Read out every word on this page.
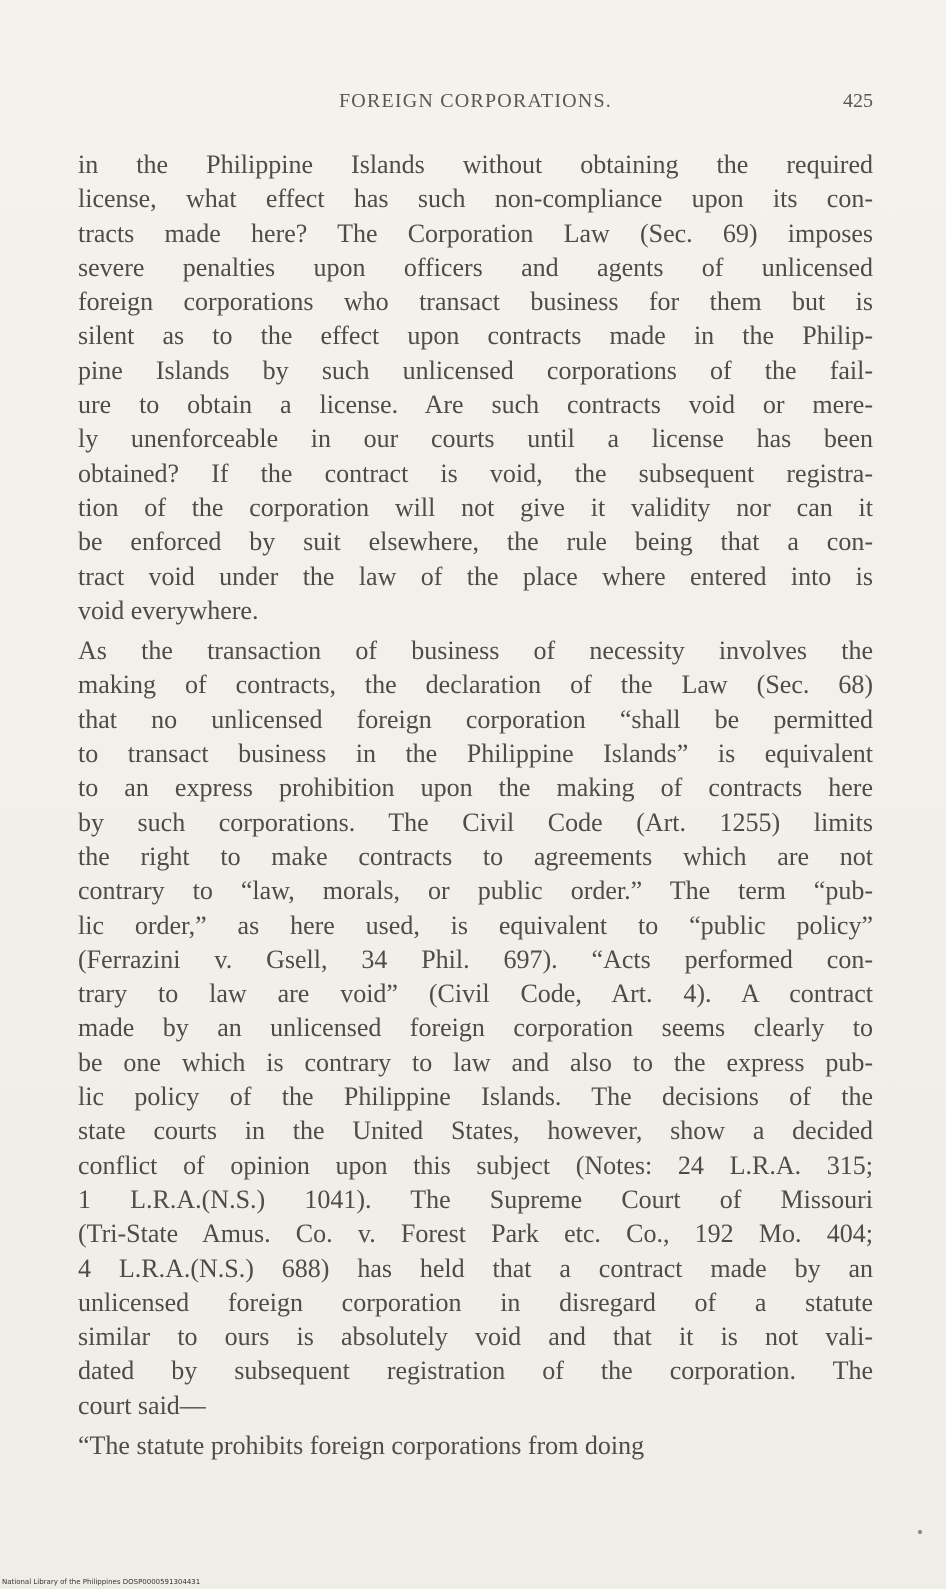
FOREIGN CORPORATIONS.	425
in the Philippine Islands without obtaining the required
license, what effect has such non-compliance upon its con-
tracts made here? The Corporation Law (Sec. 69) imposes
severe penalties upon officers and agents of unlicensed
foreign corporations who transact business for them but is
silent as to the effect upon contracts made in the Philip-
pine Islands by such unlicensed corporations of the fail-
ure to obtain a license. Are such contracts void or mere-
ly unenforceable in our courts until a license has been
obtained? If the contract is void, the subsequent registra-
tion of the corporation will not give it validity nor can it
be enforced by suit elsewhere, the rule being that a con-
tract void under the law of the place where entered into is
void everywhere.
As the transaction of business of necessity involves the
making of contracts, the declaration of the Law (Sec. 68)
that no unlicensed foreign corporation “shall be permitted
to transact business in the Philippine Islands” is equivalent
to an express prohibition upon the making of contracts here
by such corporations. The Civil Code (Art. 1255) limits
the right to make contracts to agreements which are not
contrary to “law, morals, or public order.” The term “pub-
lic order,” as here used, is equivalent to “public policy”
(Ferrazini v. Gsell, 34 Phil. 697). “Acts performed con-
trary to law are void” (Civil Code, Art. 4). A contract
made by an unlicensed foreign corporation seems clearly to
be one which is contrary to law and also to the express pub-
lic policy of the Philippine Islands. The decisions of the
state courts in the United States, however, show a decided
conflict of opinion upon this subject (Notes: 24 L.R.A. 315;
1 L.R.A.(N.S.) 1041). The Supreme Court of Missouri
(Tri-State Amus. Co. v. Forest Park etc. Co., 192 Mo. 404;
4 L.R.A.(N.S.) 688) has held that a contract made by an
unlicensed foreign corporation in disregard of a statute
similar to ours is absolutely void and that it is not vali-
dated by subsequent registration of the corporation. The
court said—
“The statute prohibits foreign corporations from doing
National Library of the Philippines DOSP0000591304431
